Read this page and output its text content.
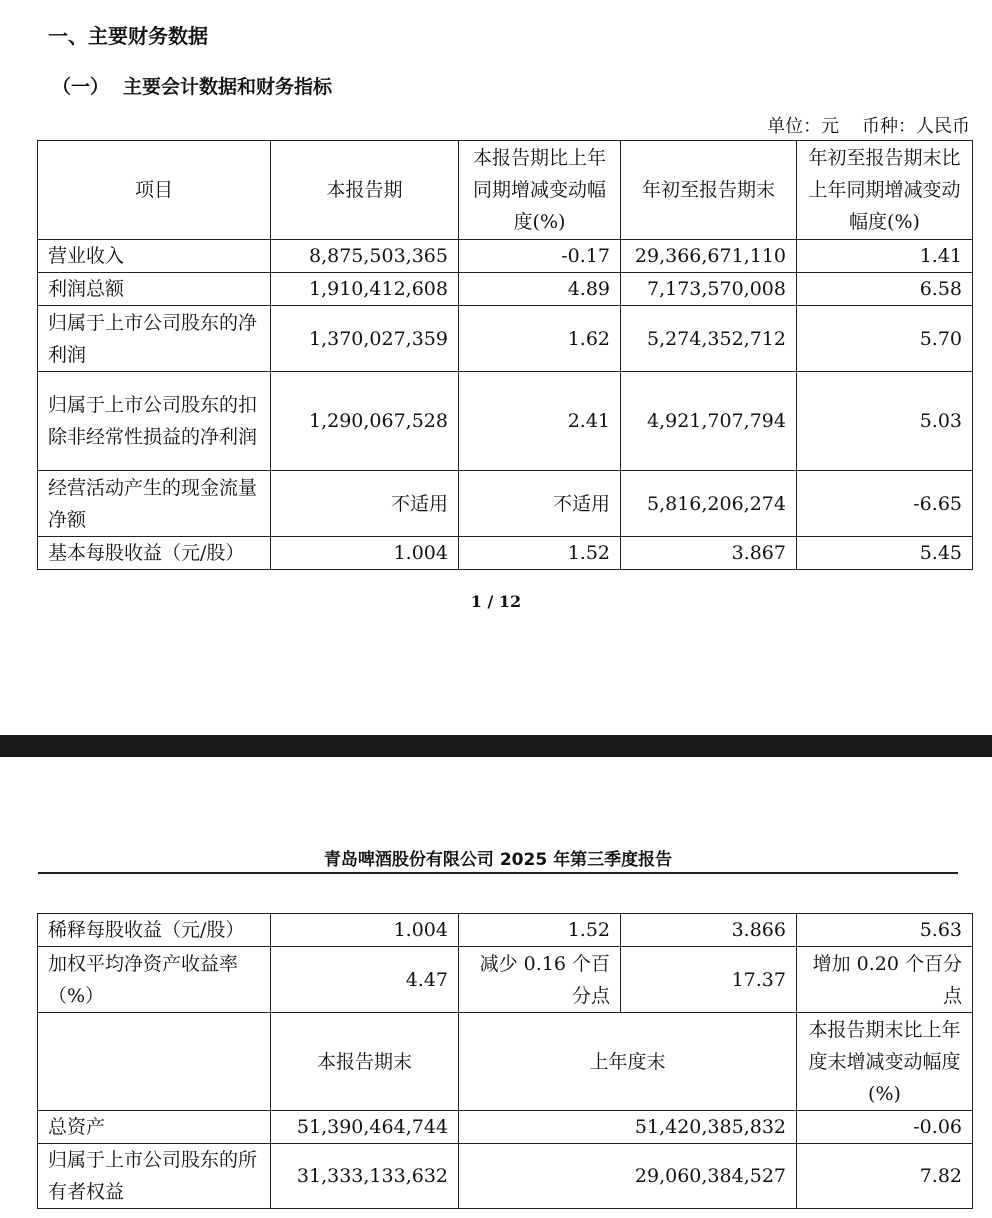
一、主要财务数据
（一） 主要会计数据和财务指标
单位：元 币种：人民币
项目	本报告期	本报告期比上年同期增减变动幅度(%)	年初至报告期末	年初至报告期末比上年同期增减变动幅度(%)
营业收入	8,875,503,365	-0.17	29,366,671,110	1.41
利润总额	1,910,412,608	4.89	7,173,570,008	6.58
归属于上市公司股东的净利润	1,370,027,359	1.62	5,274,352,712	5.70
归属于上市公司股东的扣除非经常性损益的净利润	1,290,067,528	2.41	4,921,707,794	5.03
经营活动产生的现金流量净额	不适用	不适用	5,816,206,274	-6.65
基本每股收益（元/股）	1.004	1.52	3.867	5.45
1 / 12
青岛啤酒股份有限公司 2025 年第三季度报告
稀释每股收益（元/股）	1.004	1.52	3.866	5.63
加权平均净资产收益率（%）	4.47	减少 0.16 个百分点	17.37	增加 0.20 个百分点
	本报告期末	上年度末		本报告期末比上年度末增减变动幅度(%)
总资产	51,390,464,744	51,420,385,832		-0.06
归属于上市公司股东的所有者权益	31,333,133,632	29,060,384,527		7.82
